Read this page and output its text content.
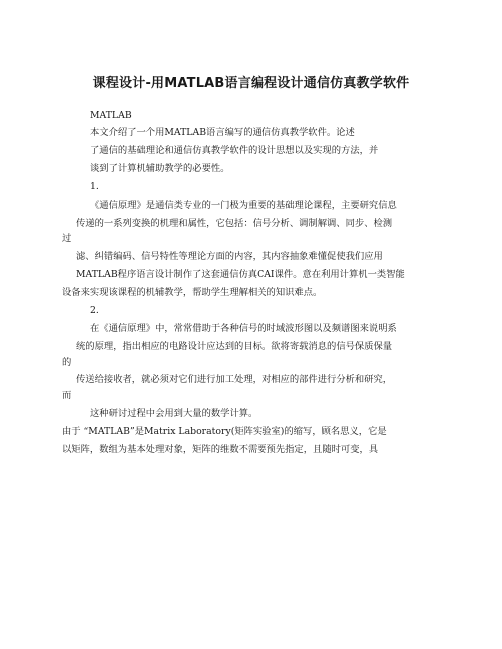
课程设计-用MATLAB语言编程设计通信仿真教学软件
MATLAB
本文介绍了一个用MATLAB语言编写的通信仿真教学软件。论述
了通信的基础理论和通信仿真教学软件的设计思想以及实现的方法，并
谈到了计算机辅助教学的必要性。
1.
《通信原理》是通信类专业的一门极为重要的基础理论课程，主要研究信息
传递的一系列变换的机理和属性，它包括：信号分析、调制解调、同步、检测
过
滤、纠错编码、信号特性等理论方面的内容，其内容抽象难懂促使我们应用
MATLAB程序语言设计制作了这套通信仿真CAI课件。意在利用计算机一类智能
设备来实现该课程的机辅教学，帮助学生理解相关的知识难点。
2.
在《通信原理》中，常常借助于各种信号的时域波形图以及频谱图来说明系
统的原理，指出相应的电路设计应达到的目标。欲将寄载消息的信号保质保量
的
传送给接收者，就必须对它们进行加工处理，对相应的部件进行分析和研究，
而
这种研讨过程中会用到大量的数学计算。
由于 “MATLAB”是Matrix Laboratory(矩阵实验室)的缩写，顾名思义，它是
以矩阵，数组为基本处理对象，矩阵的维数不需要预先指定，且随时可变，具
